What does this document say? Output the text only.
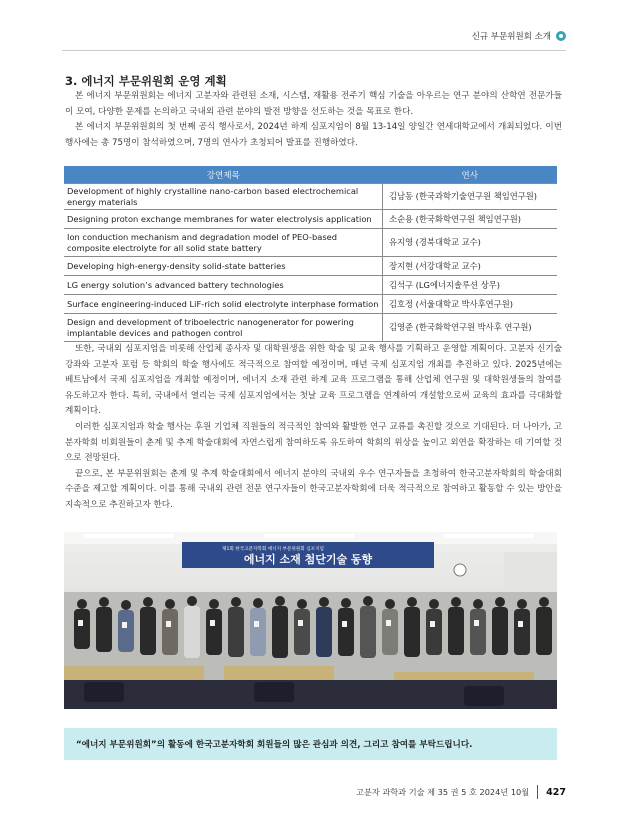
신규 부문위원회 소개
3. 에너지 부문위원회 운영 계획

본 에너지 부문위원회는 에너지 고분자와 관련된 소재, 시스템, 재활용 전주기 핵심 기술을 아우르는 연구 분야의 산학연 전문가들이 모여, 다양한 문제를 논의하고 국내외 관련 분야의 발전 방향을 선도하는 것을 목표로 한다.

본 에너지 부문위원회의 첫 번째 공식 행사로서, 2024년 하계 심포지엄이 8월 13-14일 양일간 연세대학교에서 개최되었다. 이번 행사에는 총 75명이 참석하였으며, 7명의 연사가 초청되어 발표를 진행하였다.

강연제목	연사
Development of highly crystalline nano-carbon based electrochemical energy materials	김남동 (한국과학기술연구원 책임연구원)
Designing proton exchange membranes for water electrolysis application	소순용 (한국화학연구원 책임연구원)
Ion conduction mechanism and degradation model of PEO-based composite electrolyte for all solid state battery	유지영 (경북대학교 교수)
Developing high-energy-density solid-state batteries	장지현 (서강대학교 교수)
LG energy solution’s advanced battery technologies	김석구 (LG에너지솔루션 상무)
Surface engineering-induced LiF-rich solid electrolyte interphase formation	김호정 (서울대학교 박사후연구원)
Design and development of triboelectric nanogenerator for powering implantable devices and pathogen control	김영준 (한국화학연구원 박사후 연구원)

또한, 국내외 심포지엄을 비롯해 산업체 종사자 및 대학원생을 위한 학술 및 교육 행사를 기획하고 운영할 계획이다. 고분자 신기술 강좌와 고분자 포럼 등 학회의 학술 행사에도 적극적으로 참여할 예정이며, 매년 국제 심포지엄 개최를 추진하고 있다. 2025년에는 베트남에서 국제 심포지엄을 개최할 예정이며, 에너지 소재 관련 하계 교육 프로그램을 통해 산업체 연구원 및 대학원생들의 참여를 유도하고자 한다. 특히, 국내에서 열리는 국제 심포지엄에서는 첫날 교육 프로그램을 연계하여 개설함으로써 교육의 효과를 극대화할 계획이다.

이러한 심포지엄과 학술 행사는 후원 기업체 직원들의 적극적인 참여와 활발한 연구 교류를 촉진할 것으로 기대된다. 더 나아가, 고분자학회 비회원들이 춘계 및 추계 학술대회에 자연스럽게 참여하도록 유도하여 학회의 위상을 높이고 외연을 확장하는 데 기여할 것으로 전망된다.

끝으로, 본 부문위원회는 춘계 및 추계 학술대회에서 에너지 분야의 국내외 우수 연구자들을 초청하여 한국고분자학회의 학술대회 수준을 제고할 계획이다. 이를 통해 국내외 관련 전문 연구자들이 한국고분자학회에 더욱 적극적으로 참여하고 활동할 수 있는 방안을 지속적으로 추진하고자 한다.

제1회 한국고분자학회 에너지 부문위원회 심포지엄
에너지 소재 첨단기술 동향
“에너지 부문위원회”의 활동에 한국고분자학회 회원들의 많은 관심과 의견, 그리고 참여를 부탁드립니다.
고분자 과학과 기술 제 35 권 5 호 2024년 10월 427
